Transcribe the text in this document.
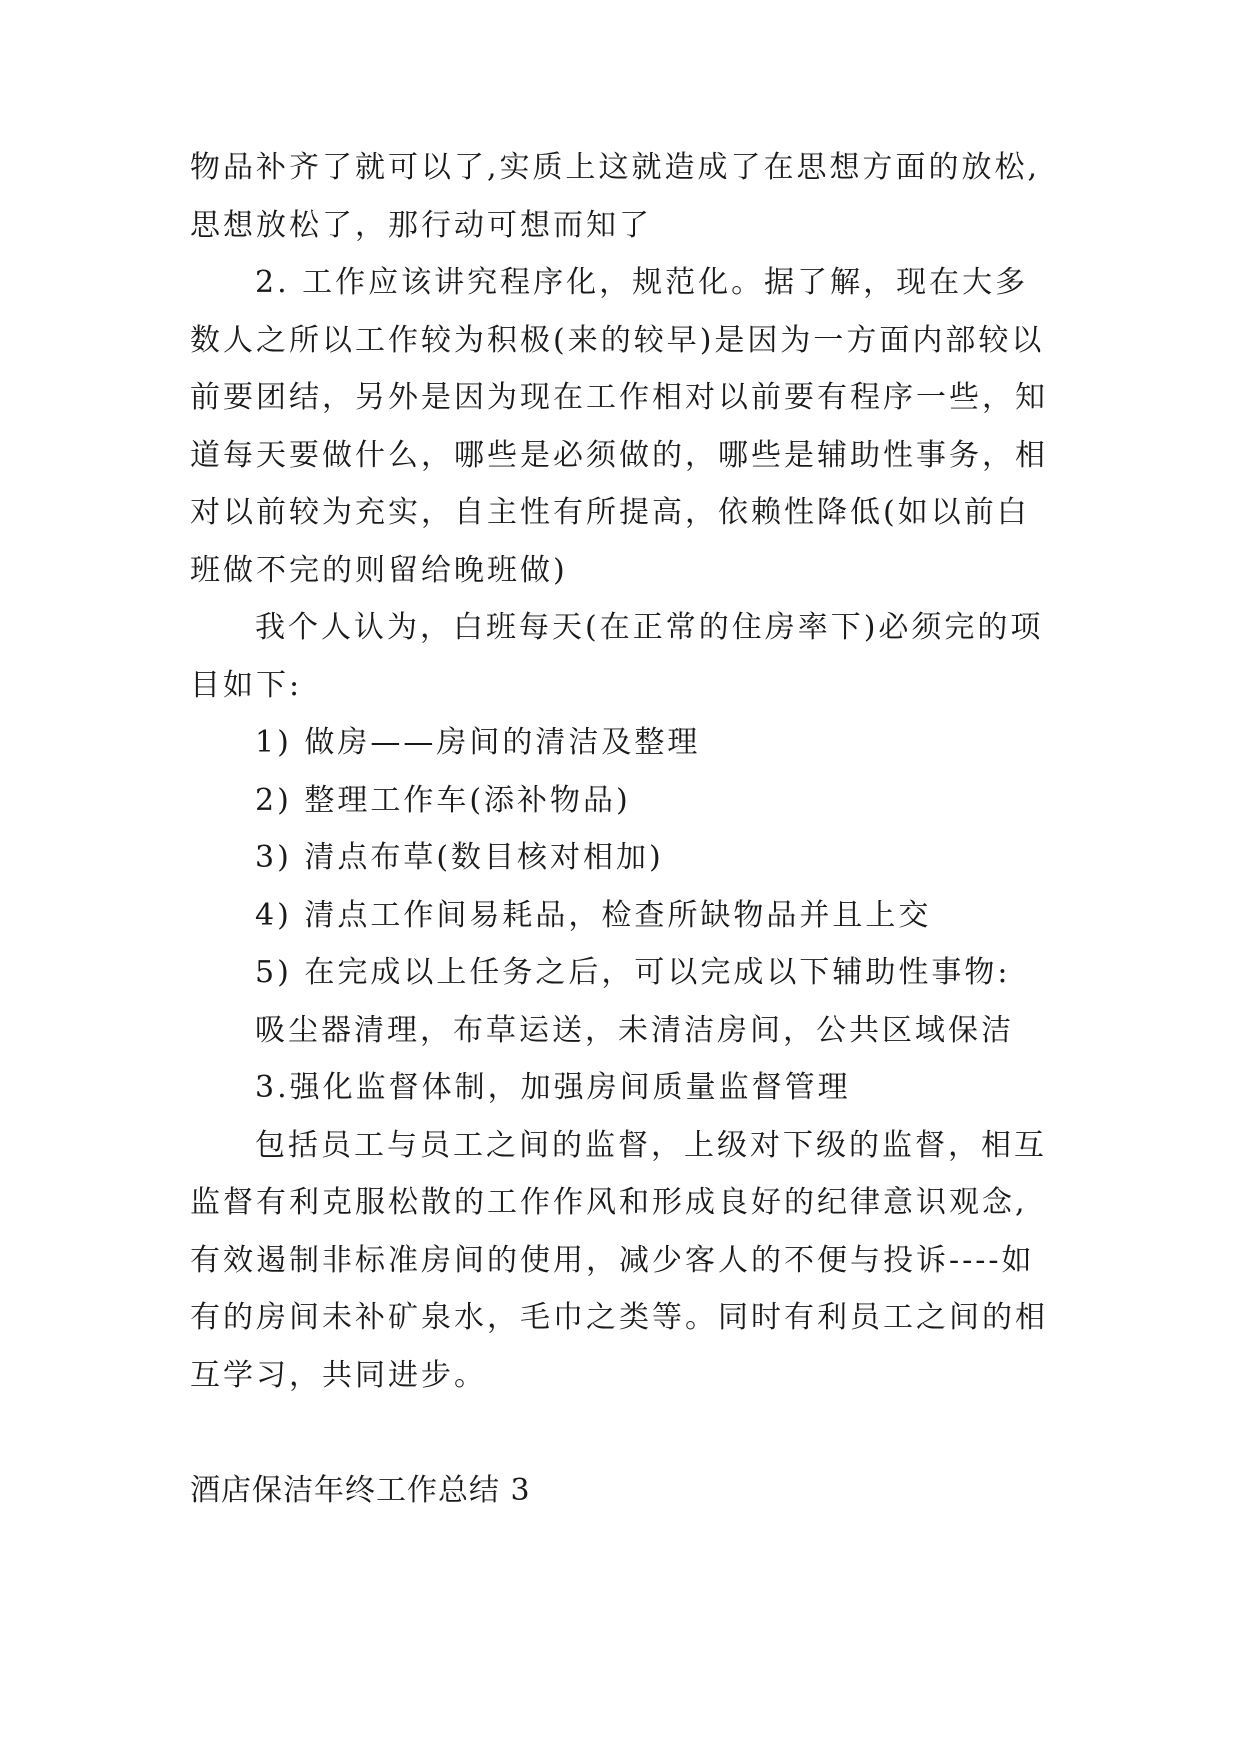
物品补齐了就可以了,实质上这就造成了在思想方面的放松,
思想放松了，那行动可想而知了
2. 工作应该讲究程序化，规范化。据了解，现在大多
数人之所以工作较为积极(来的较早)是因为一方面内部较以
前要团结，另外是因为现在工作相对以前要有程序一些，知
道每天要做什么，哪些是必须做的，哪些是辅助性事务，相
对以前较为充实，自主性有所提高，依赖性降低(如以前白
班做不完的则留给晚班做)
我个人认为，白班每天(在正常的住房率下)必须完的项
目如下:
1) 做房——房间的清洁及整理
2) 整理工作车(添补物品)
3) 清点布草(数目核对相加)
4) 清点工作间易耗品，检查所缺物品并且上交
5) 在完成以上任务之后，可以完成以下辅助性事物:
吸尘器清理，布草运送，未清洁房间，公共区域保洁
3.强化监督体制，加强房间质量监督管理
包括员工与员工之间的监督，上级对下级的监督，相互
监督有利克服松散的工作作风和形成良好的纪律意识观念,
有效遏制非标准房间的使用，减少客人的不便与投诉----如
有的房间未补矿泉水，毛巾之类等。同时有利员工之间的相
互学习，共同进步。
酒店保洁年终工作总结 3
